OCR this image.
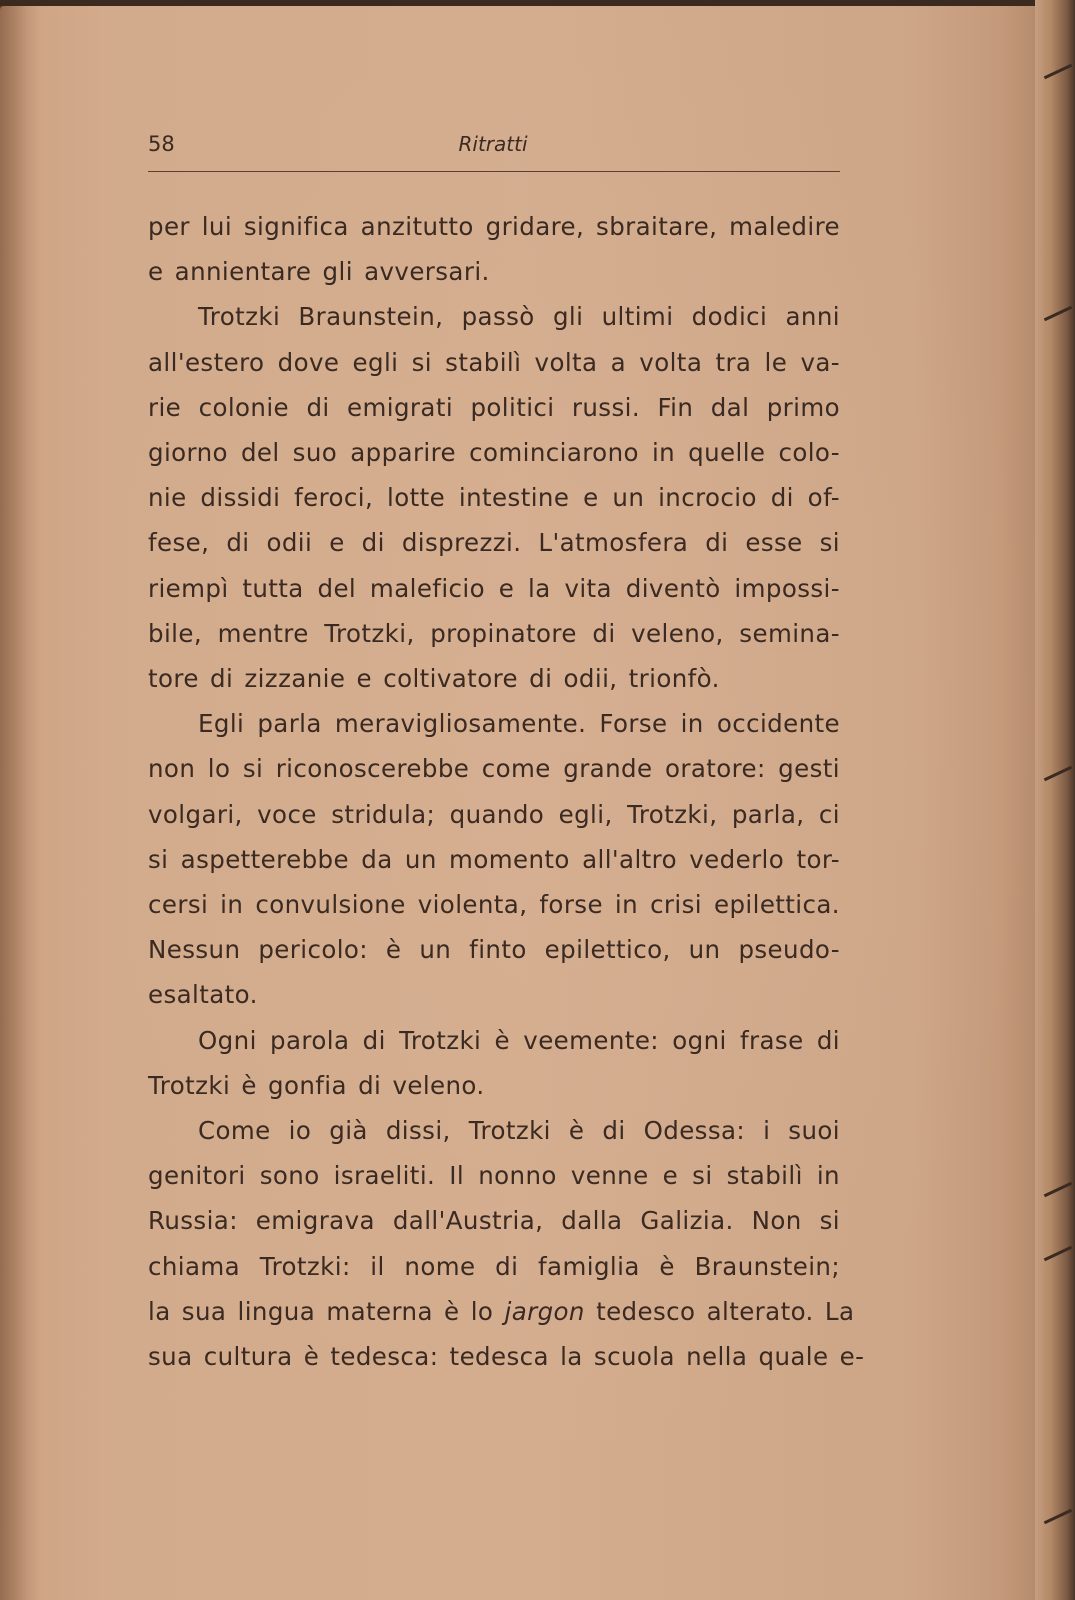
58	Ritratti
per lui significa anzitutto gridare, sbraitare, maledire
e annientare gli avversari.
Trotzki Braunstein, passò gli ultimi dodici anni
all'estero dove egli si stabilì volta a volta tra le va-
rie colonie di emigrati politici russi. Fin dal primo
giorno del suo apparire cominciarono in quelle colo-
nie dissidi feroci, lotte intestine e un incrocio di of-
fese, di odii e di disprezzi. L'atmosfera di esse si
riempì tutta del maleficio e la vita diventò impossi-
bile, mentre Trotzki, propinatore di veleno, semina-
tore di zizzanie e coltivatore di odii, trionfò.
Egli parla meravigliosamente. Forse in occidente
non lo si riconoscerebbe come grande oratore: gesti
volgari, voce stridula; quando egli, Trotzki, parla, ci
si aspetterebbe da un momento all'altro vederlo tor-
cersi in convulsione violenta, forse in crisi epilettica.
Nessun pericolo: è un finto epilettico, un pseudo-
esaltato.
Ogni parola di Trotzki è veemente: ogni frase di
Trotzki è gonfia di veleno.
Come io già dissi, Trotzki è di Odessa: i suoi
genitori sono israeliti. Il nonno venne e si stabilì in
Russia: emigrava dall'Austria, dalla Galizia. Non si
chiama Trotzki: il nome di famiglia è Braunstein;
la sua lingua materna è lo jargon tedesco alterato. La
sua cultura è tedesca: tedesca la scuola nella quale e-
